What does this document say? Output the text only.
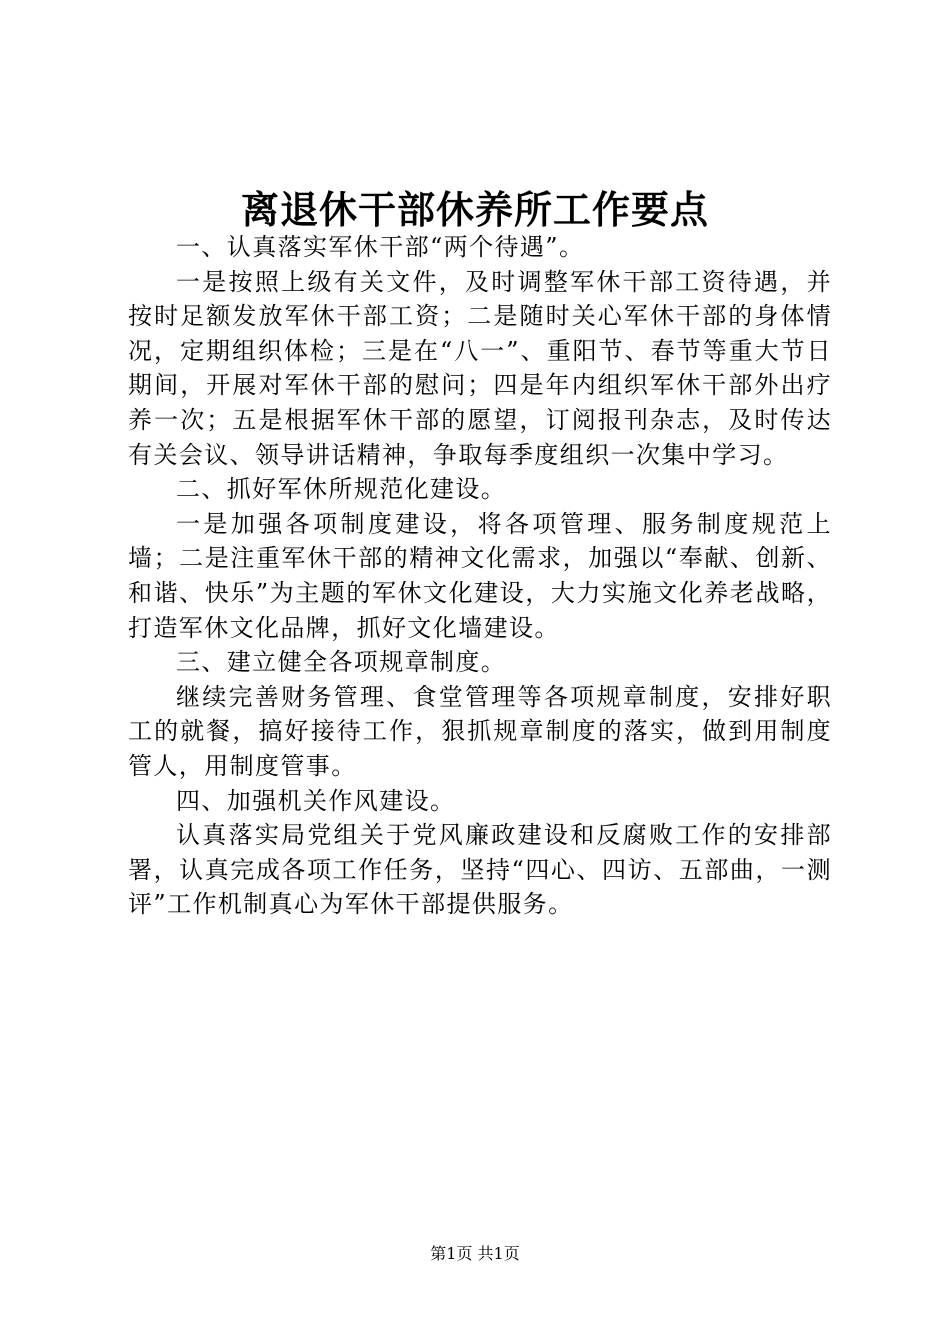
离退休干部休养所工作要点

一、认真落实军休干部“两个待遇”。

一是按照上级有关文件，及时调整军休干部工资待遇，并按时足额发放军休干部工资；二是随时关心军休干部的身体情况，定期组织体检；三是在“八一”、重阳节、春节等重大节日期间，开展对军休干部的慰问；四是年内组织军休干部外出疗养一次；五是根据军休干部的愿望，订阅报刊杂志，及时传达有关会议、领导讲话精神，争取每季度组织一次集中学习。

二、抓好军休所规范化建设。

一是加强各项制度建设，将各项管理、服务制度规范上墙；二是注重军休干部的精神文化需求，加强以“奉献、创新、和谐、快乐”为主题的军休文化建设，大力实施文化养老战略，打造军休文化品牌，抓好文化墙建设。

三、建立健全各项规章制度。

继续完善财务管理、食堂管理等各项规章制度，安排好职工的就餐，搞好接待工作，狠抓规章制度的落实，做到用制度管人，用制度管事。

四、加强机关作风建设。

认真落实局党组关于党风廉政建设和反腐败工作的安排部署，认真完成各项工作任务，坚持“四心、四访、五部曲，一测评”工作机制真心为军休干部提供服务。

第1页 共1页
